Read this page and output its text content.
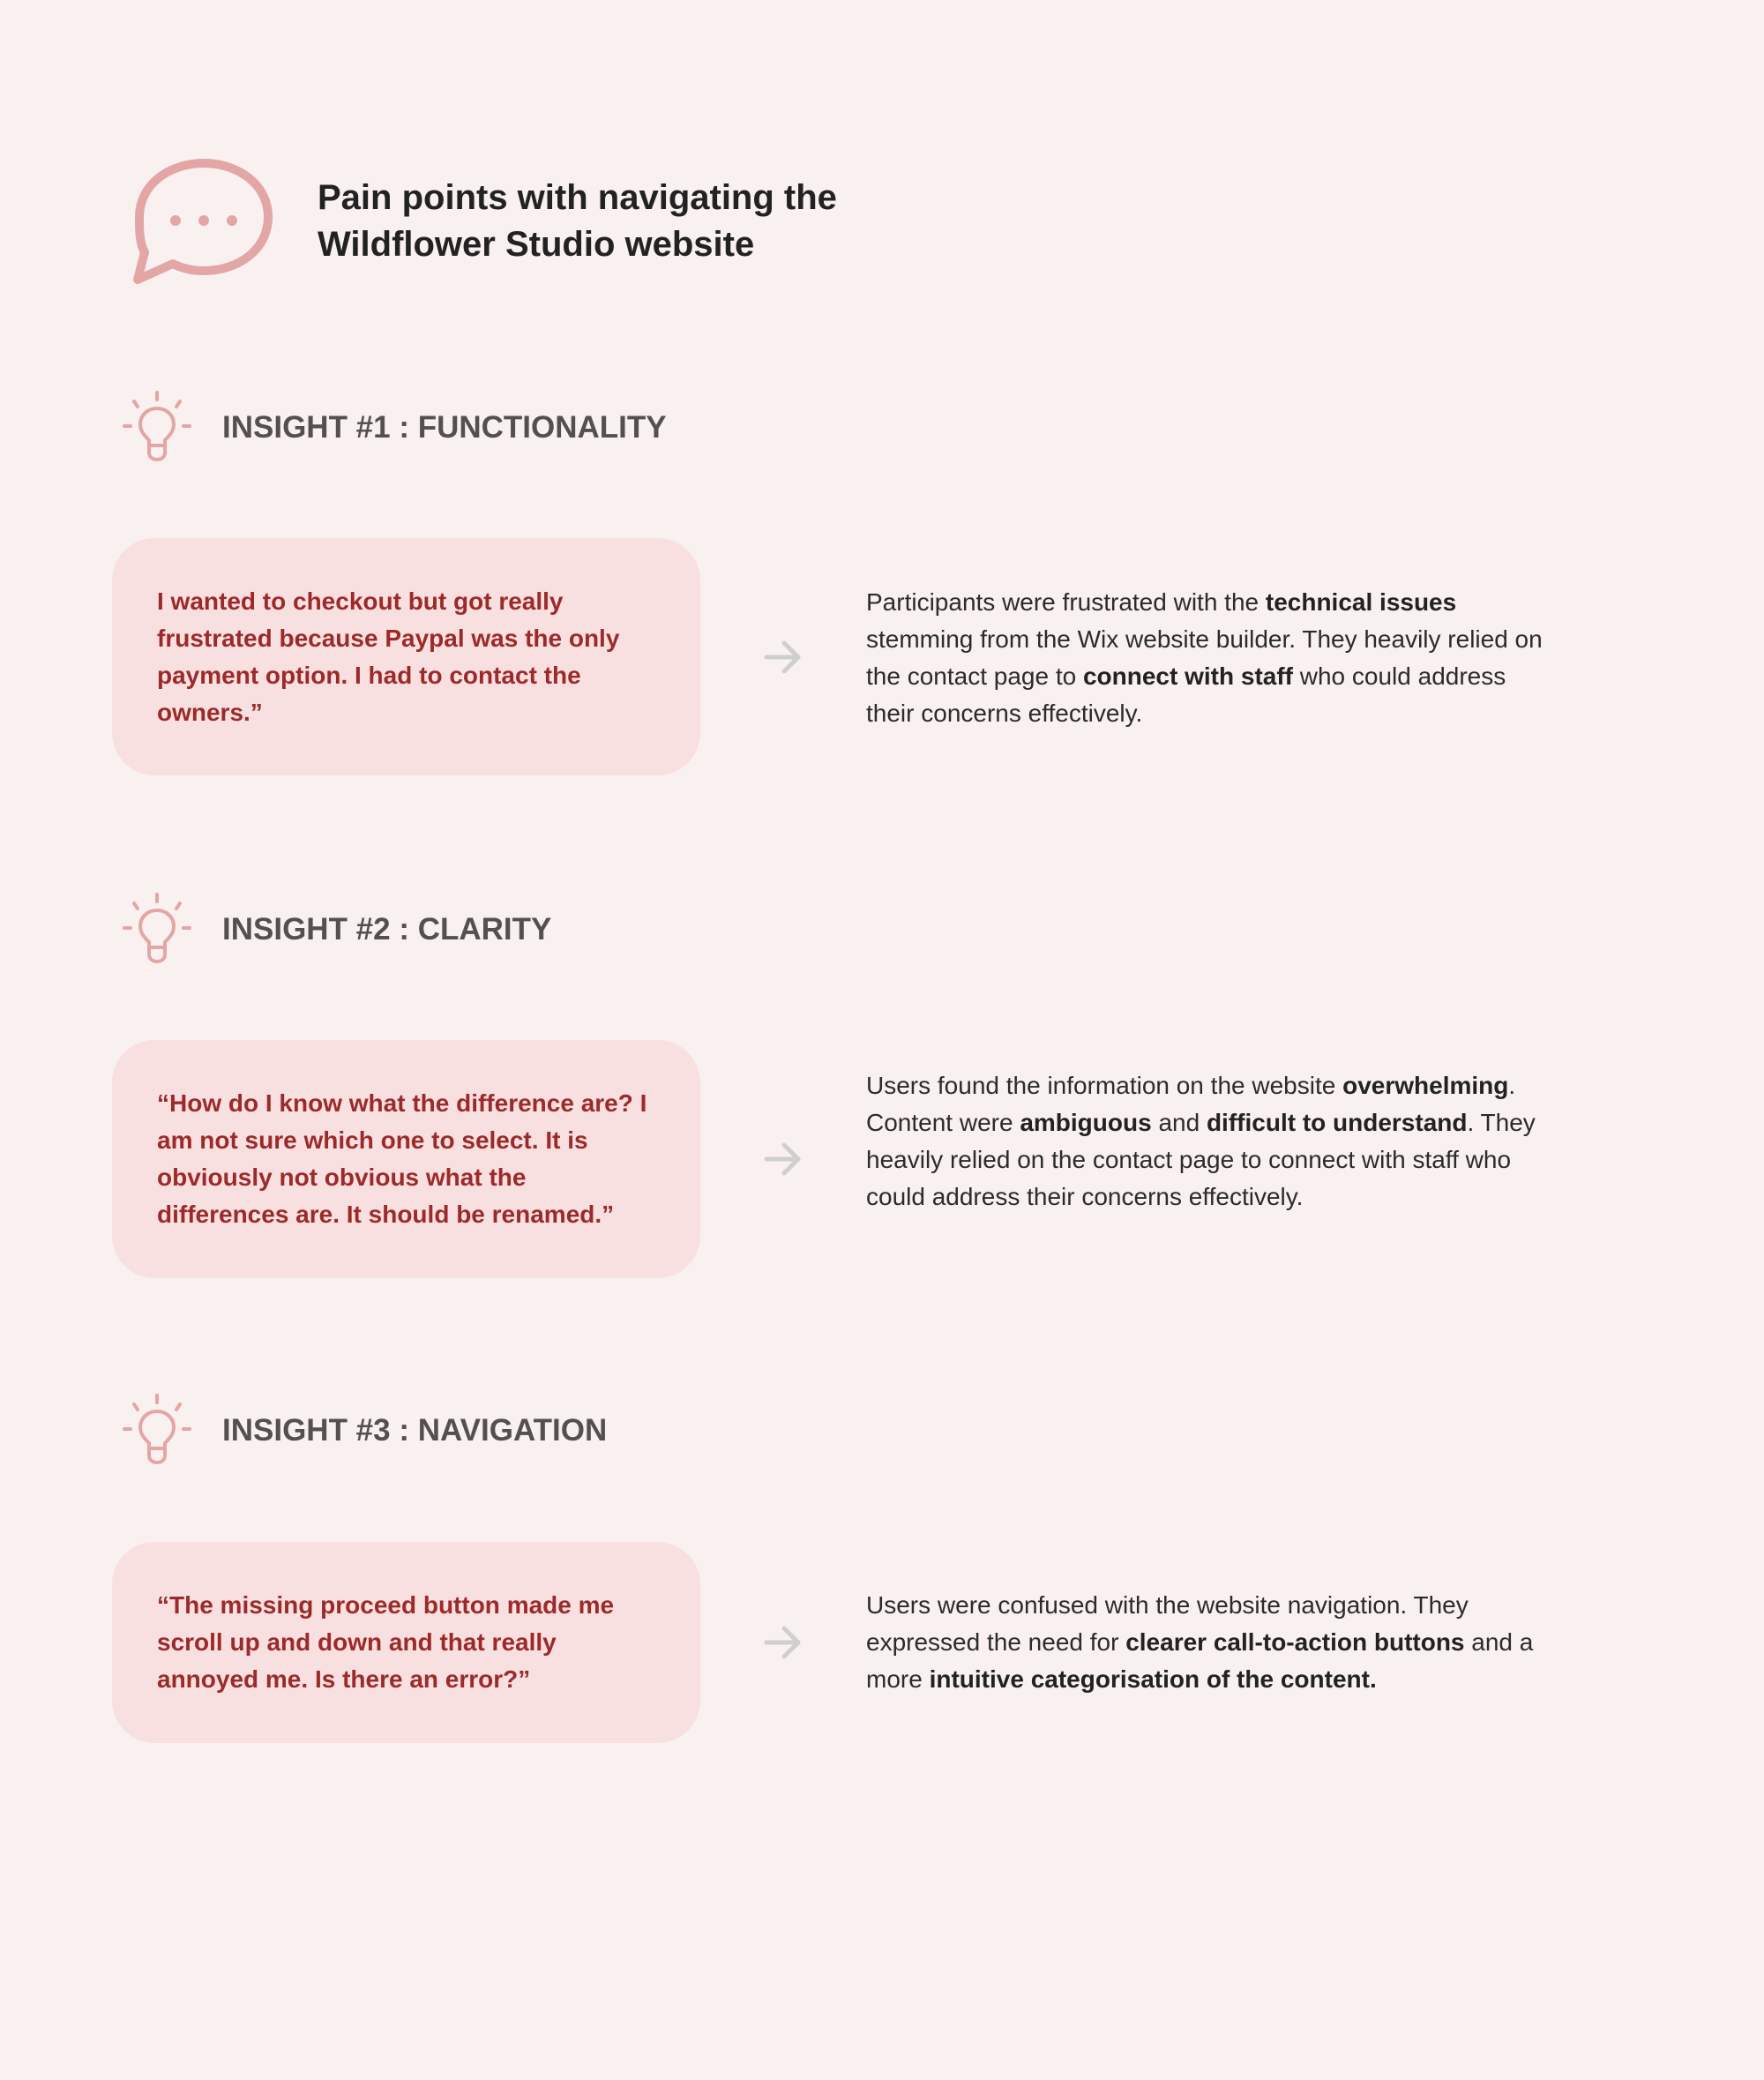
Pain points with navigating the
Wildflower Studio website
INSIGHT #1 : FUNCTIONALITY

I wanted to checkout but got really frustrated because Paypal was the only payment option. I had to contact the owners.”

Participants were frustrated with the technical issues stemming from the Wix website builder. They heavily relied on the contact page to connect with staff who could address their concerns effectively.

INSIGHT #2 : CLARITY

“How do I know what the difference are? I am not sure which one to select. It is obviously not obvious what the differences are. It should be renamed.”

Users found the information on the website overwhelming. Content were ambiguous and difficult to understand. They heavily relied on the contact page to connect with staff who could address their concerns effectively.

INSIGHT #3 : NAVIGATION

“The missing proceed button made me scroll up and down and that really annoyed me. Is there an error?”

Users were confused with the website navigation. They expressed the need for clearer call-to-action buttons and a more intuitive categorisation of the content.
